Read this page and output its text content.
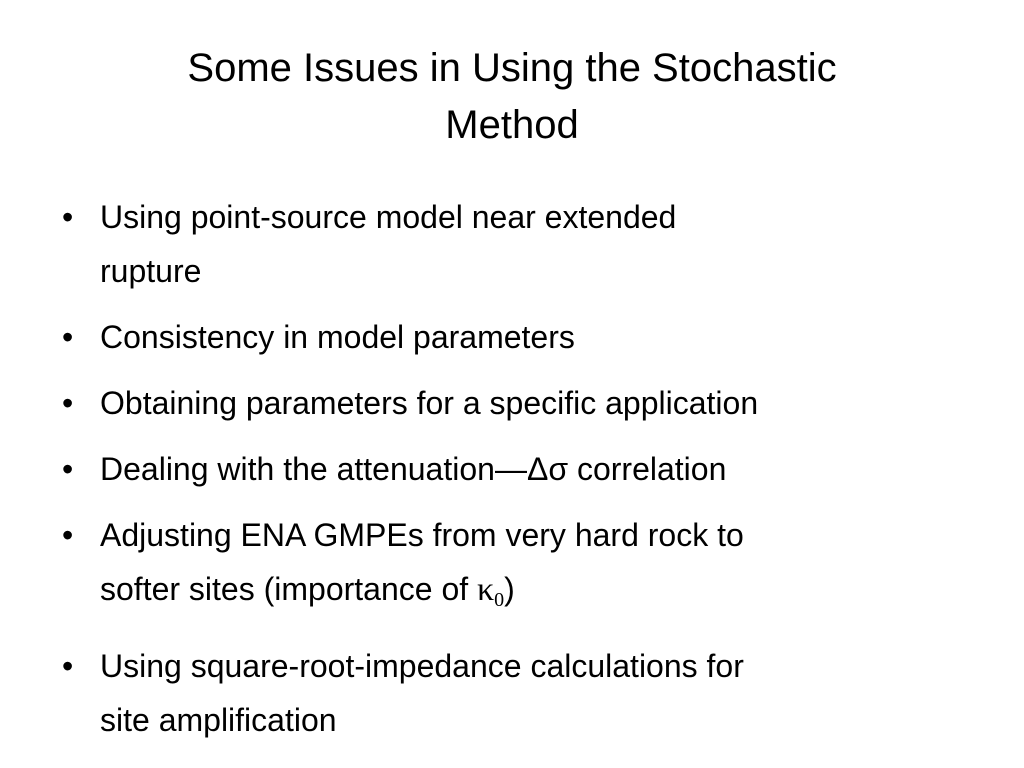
Some Issues in Using the Stochastic
Method
• Using point-source model near extended
rupture
• Consistency in model parameters
• Obtaining parameters for a specific application
• Dealing with the attenuation—Δσ correlation
• Adjusting ENA GMPEs from very hard rock to
softer sites (importance of $\kappa_0$)
• Using square-root-impedance calculations for
site amplification
